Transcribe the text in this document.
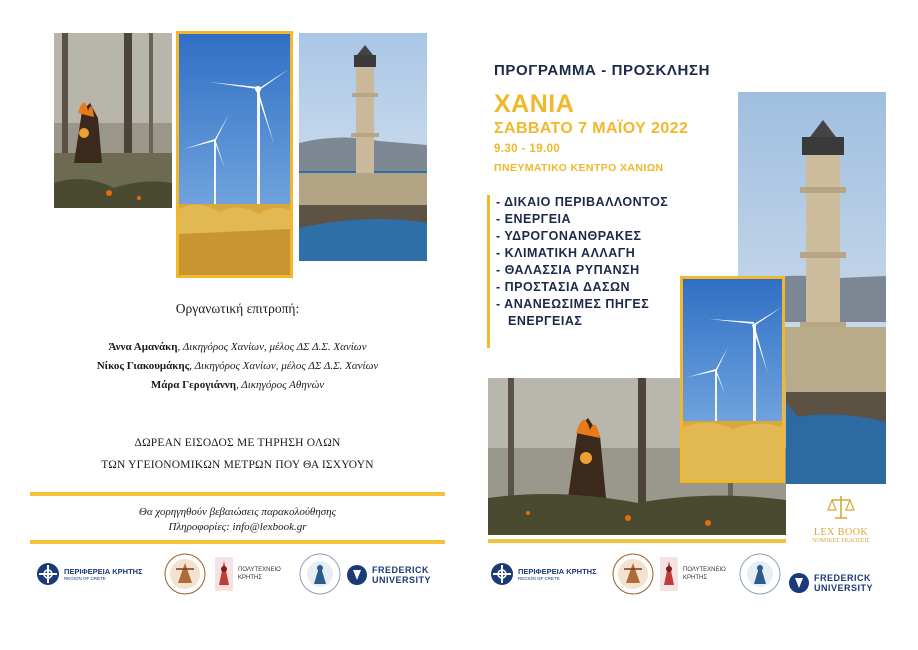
Οργανωτική επιτροπή:
Άννα Αμανάκη, Δικηγόρος Χανίων, μέλος ΔΣ Δ.Σ. Χανίων
Νίκος Γιακουμάκης, Δικηγόρος Χανίων, μέλος ΔΣ Δ.Σ. Χανίων
Μάρα Γερογιάννη, Δικηγόρος Αθηνών
ΔΩΡΕΑΝ ΕΙΣΟΔΟΣ ΜΕ ΤΗΡΗΣΗ ΟΛΩΝ
ΤΩΝ ΥΓΕΙΟΝΟΜΙΚΩΝ ΜΕΤΡΩΝ ΠΟΥ ΘΑ ΙΣΧΥΟΥΝ
Θα χορηγηθούν βεβαιώσεις παρακολούθησης
Πληροφορίες: info@lexbook.gr
ΠΕΡΙΦΕΡΕΙΑ ΚΡΗΤΗΣ
REGION OF CRETE
ΠΟΛΥΤΕΧΝΕΙΟ
ΚΡΗΤΗΣ
FREDERICK
UNIVERSITY
ΠΡΟΓΡΑΜΜΑ - ΠΡΟΣΚΛΗΣΗ
ΧΑΝΙΑ
ΣΑΒΒΑΤΟ 7 ΜΑΪΟΥ 2022
9.30 - 19.00
ΠΝΕΥΜΑΤΙΚΟ ΚΕΝΤΡΟ ΧΑΝΙΩΝ
- ΔΙΚΑΙΟ ΠΕΡΙΒΑΛΛΟΝΤΟΣ
- ΕΝΕΡΓΕΙΑ
- ΥΔΡΟΓΟΝΑΝΘΡΑΚΕΣ
- ΚΛΙΜΑΤΙΚΗ ΑΛΛΑΓΗ
- ΘΑΛΑΣΣΙΑ ΡΥΠΑΝΣΗ
- ΠΡΟΣΤΑΣΙΑ ΔΑΣΩΝ
- ΑΝΑΝΕΩΣΙΜΕΣ ΠΗΓΕΣ
ΕΝΕΡΓΕΙΑΣ
LEX BOOK
ΝΟΜΙΚΕΣ ΕΚΔΟΣΕΙΣ
ΠΕΡΙΦΕΡΕΙΑ ΚΡΗΤΗΣ
REGION OF CRETE
ΠΟΛΥΤΕΧΝΕΙΟ
ΚΡΗΤΗΣ	FREDERICK
UNIVERSITY
